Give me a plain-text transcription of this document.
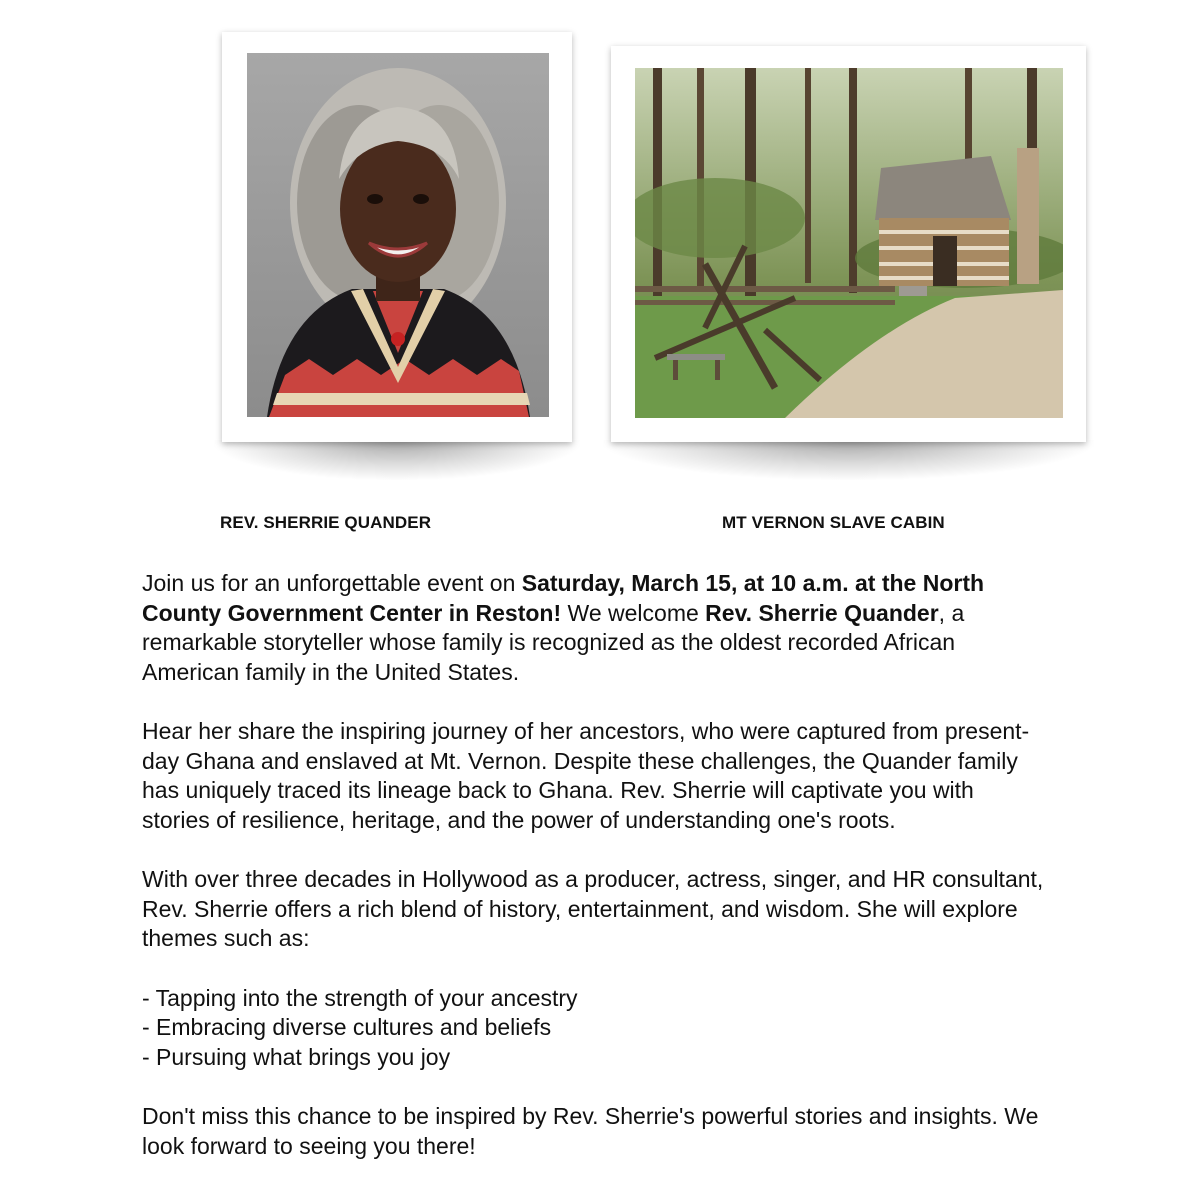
REV. SHERRIE QUANDER	MT VERNON SLAVE CABIN

Join us for an unforgettable event on Saturday, March 15, at 10 a.m. at the North County Government Center in Reston! We welcome Rev. Sherrie Quander, a remarkable storyteller whose family is recognized as the oldest recorded African American family in the United States.

Hear her share the inspiring journey of her ancestors, who were captured from present-day Ghana and enslaved at Mt. Vernon. Despite these challenges, the Quander family has uniquely traced its lineage back to Ghana. Rev. Sherrie will captivate you with stories of resilience, heritage, and the power of understanding one's roots.

With over three decades in Hollywood as a producer, actress, singer, and HR consultant, Rev. Sherrie offers a rich blend of history, entertainment, and wisdom. She will explore themes such as:

- Tapping into the strength of your ancestry
- Embracing diverse cultures and beliefs
- Pursuing what brings you joy

Don't miss this chance to be inspired by Rev. Sherrie's powerful stories and insights. We look forward to seeing you there!
